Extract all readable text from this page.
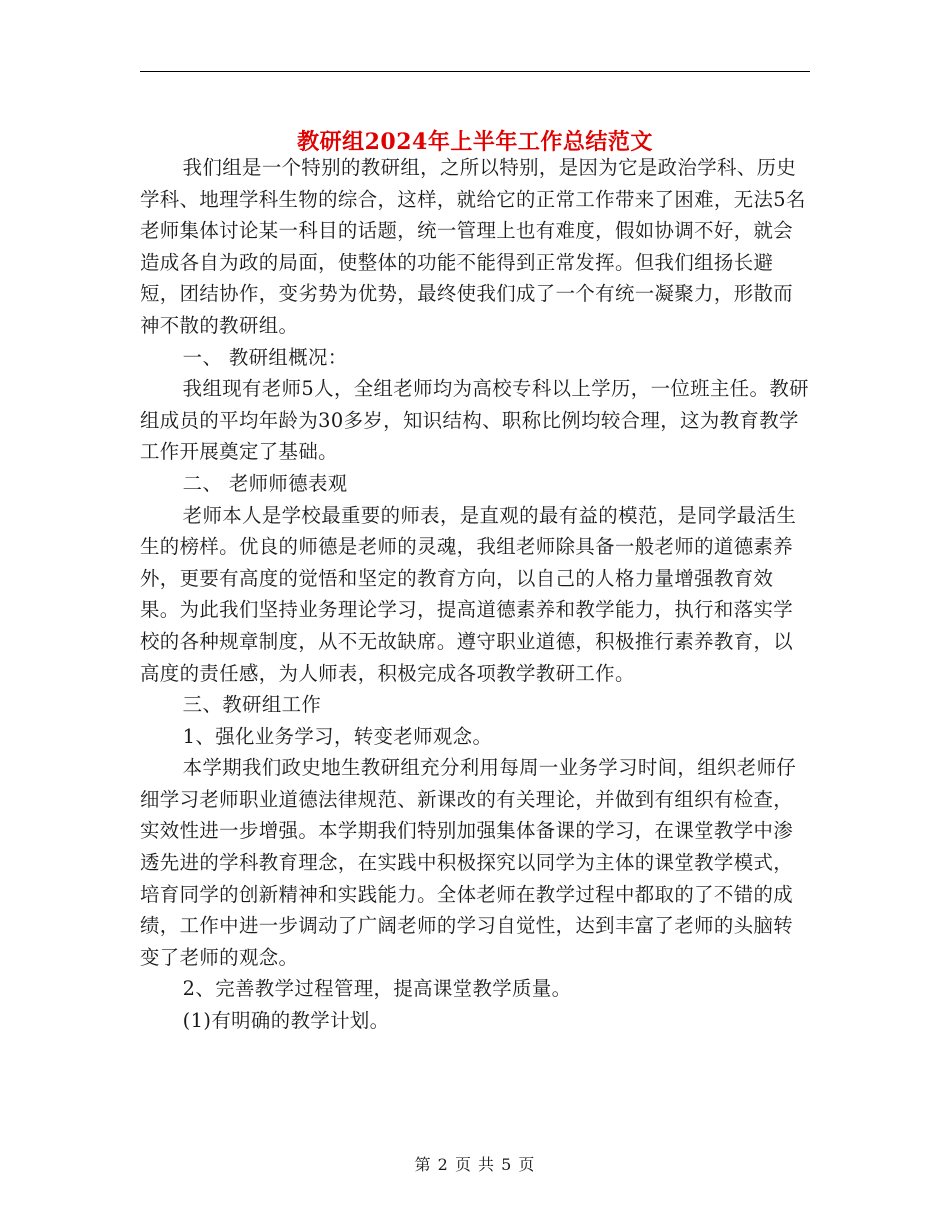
教研组2024年上半年工作总结范文

我们组是一个特别的教研组，之所以特别，是因为它是政治学科、历史学科、地理学科生物的综合，这样，就给它的正常工作带来了困难，无法5名老师集体讨论某一科目的话题，统一管理上也有难度，假如协调不好，就会造成各自为政的局面，使整体的功能不能得到正常发挥。但我们组扬长避短，团结协作，变劣势为优势，最终使我们成了一个有统一凝聚力，形散而神不散的教研组。

一、 教研组概况：

我组现有老师5人，全组老师均为高校专科以上学历，一位班主任。教研组成员的平均年龄为30多岁，知识结构、职称比例均较合理，这为教育教学工作开展奠定了基础。

二、 老师师德表观

老师本人是学校最重要的师表，是直观的最有益的模范，是同学最活生生的榜样。优良的师德是老师的灵魂，我组老师除具备一般老师的道德素养外，更要有高度的觉悟和坚定的教育方向，以自己的人格力量增强教育效果。为此我们坚持业务理论学习，提高道德素养和教学能力，执行和落实学校的各种规章制度，从不无故缺席。遵守职业道德，积极推行素养教育，以高度的责任感，为人师表，积极完成各项教学教研工作。

三、教研组工作

1、强化业务学习，转变老师观念。

本学期我们政史地生教研组充分利用每周一业务学习时间，组织老师仔细学习老师职业道德法律规范、新课改的有关理论，并做到有组织有检查，实效性进一步增强。本学期我们特别加强集体备课的学习，在课堂教学中渗透先进的学科教育理念，在实践中积极探究以同学为主体的课堂教学模式，培育同学的创新精神和实践能力。全体老师在教学过程中都取的了不错的成绩，工作中进一步调动了广阔老师的学习自觉性，达到丰富了老师的头脑转变了老师的观念。

2、完善教学过程管理，提高课堂教学质量。

(1)有明确的教学计划。

第 2 页 共 5 页
